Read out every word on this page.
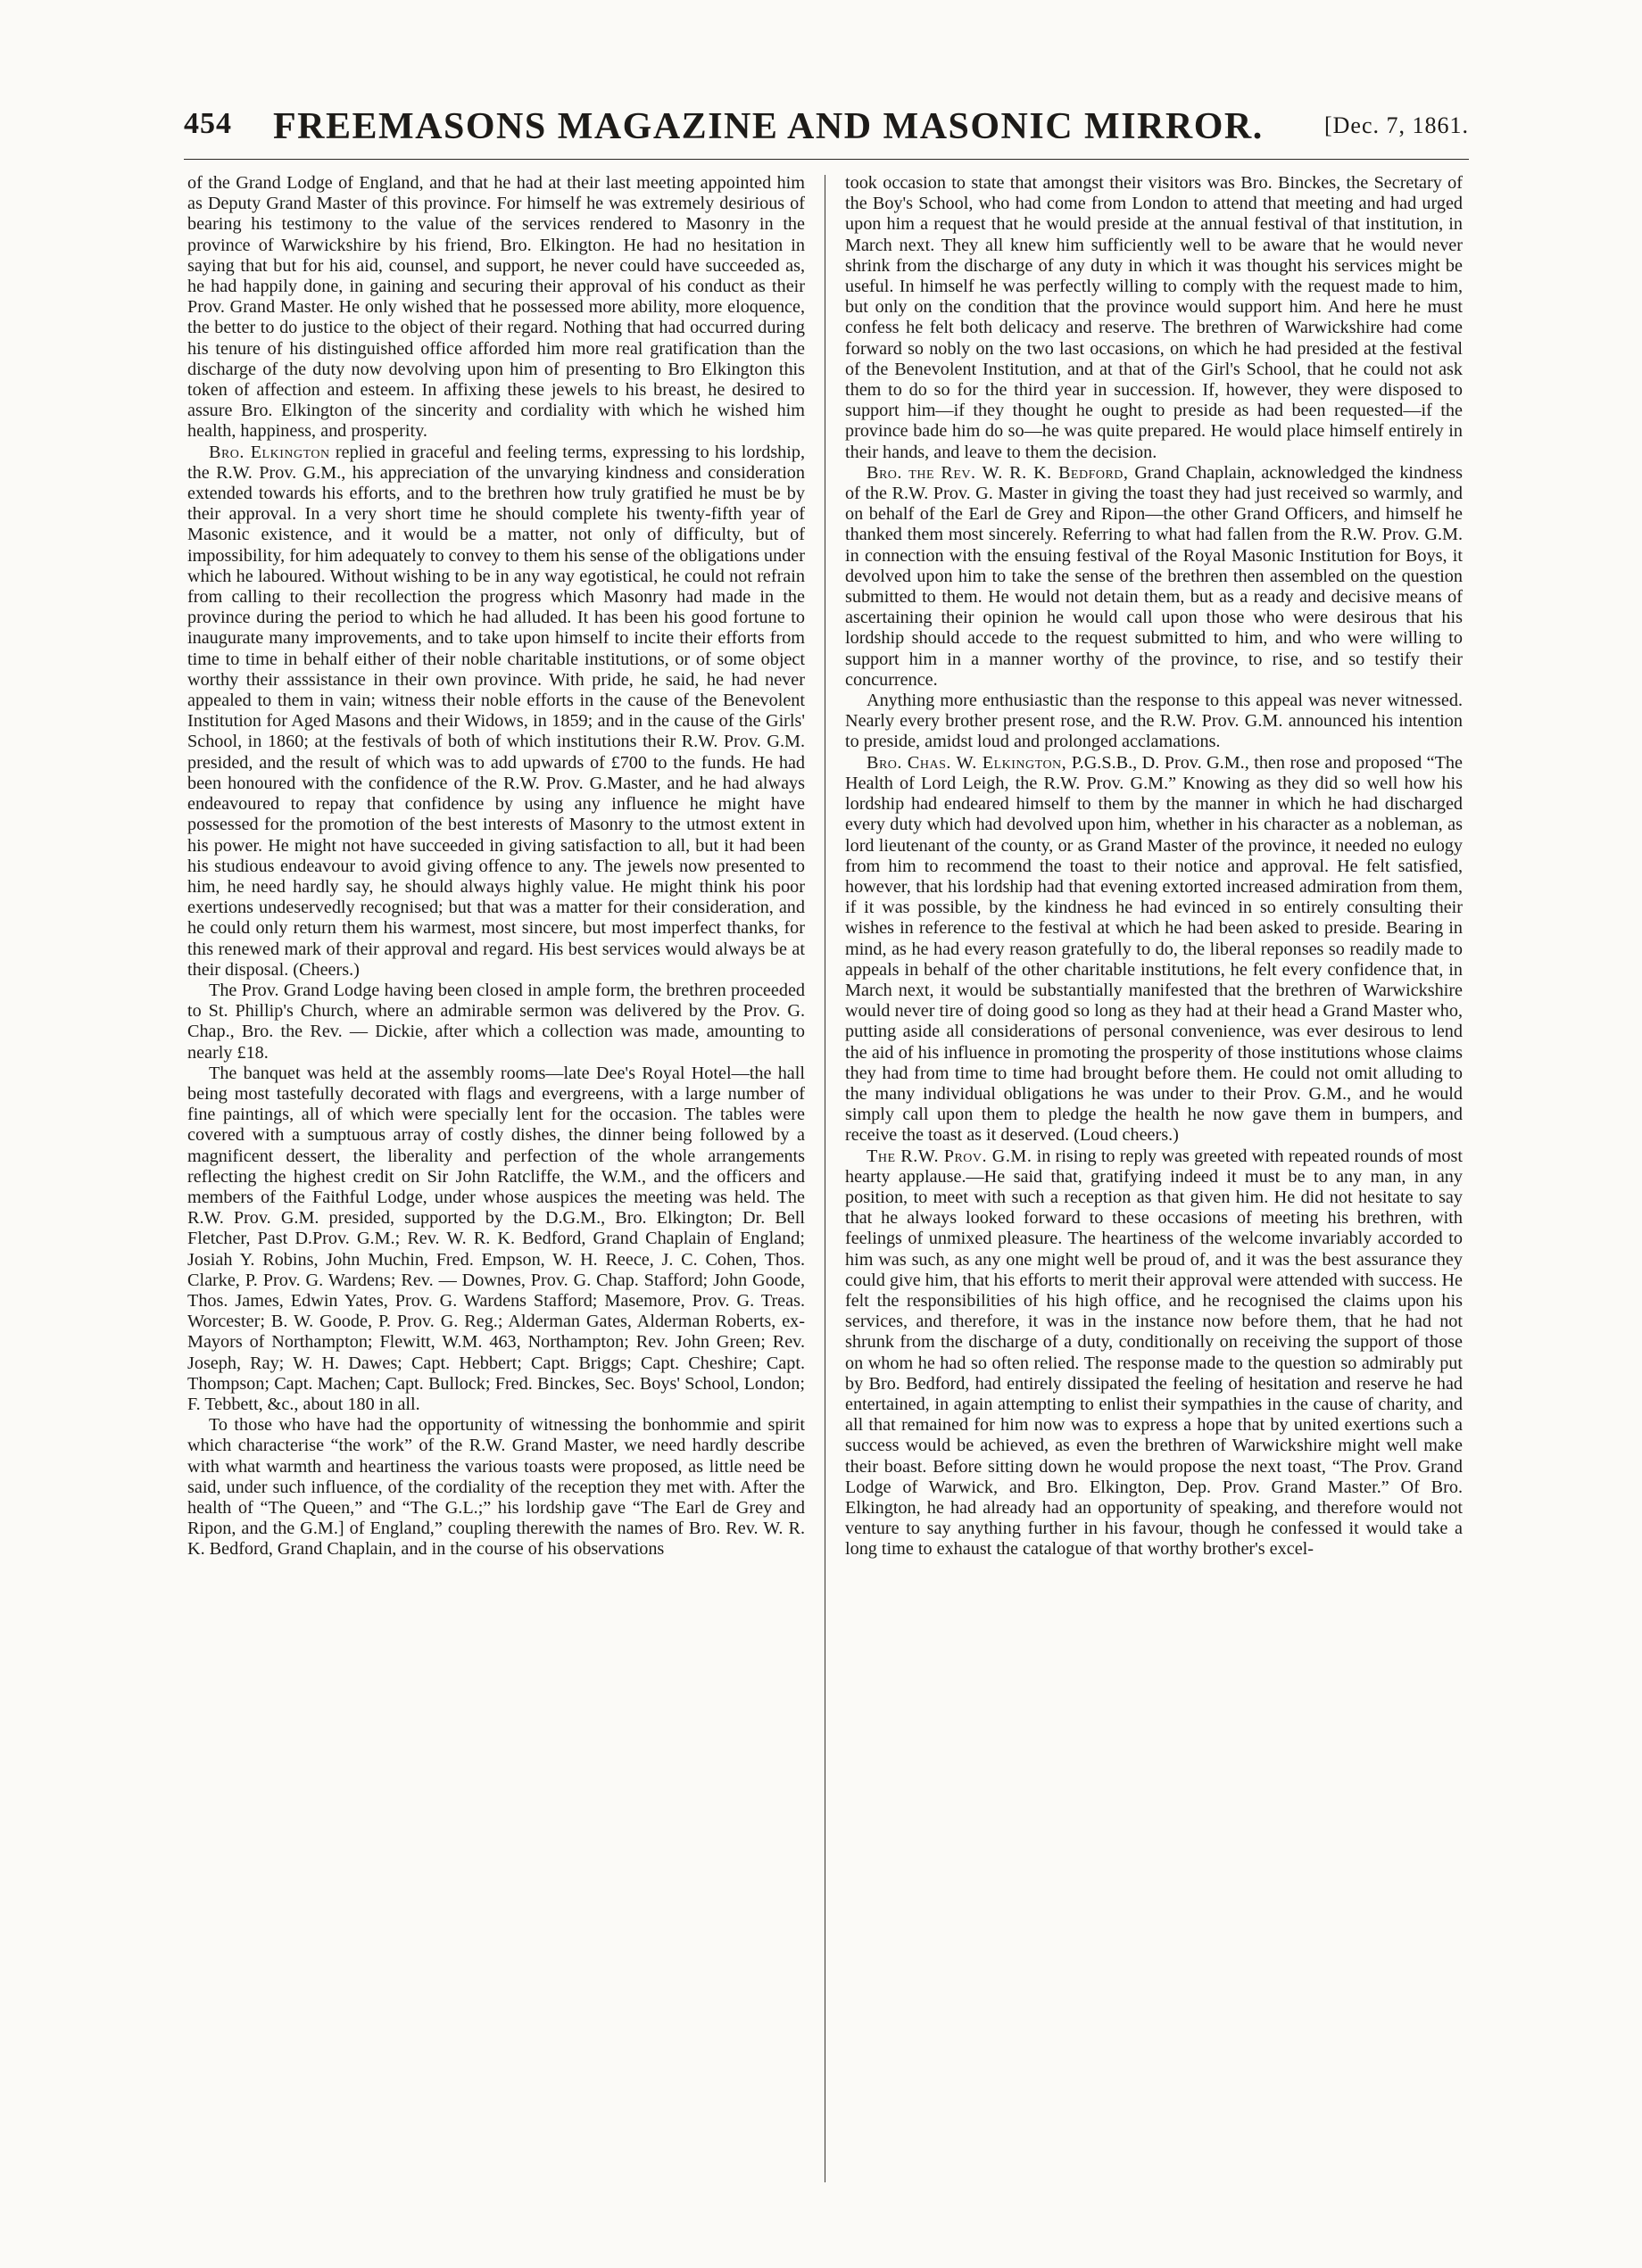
454 FREEMASONS MAGAZINE AND MASONIC MIRROR.	[Dec. 7, 1861.

of the Grand Lodge of England, and that he had at their last meeting appointed him as Deputy Grand Master of this province. For himself he was extremely desirious of bearing his testimony to the value of the services rendered to Masonry in the province of Warwickshire by his friend, Bro. Elkington. He had no hesitation in saying that but for his aid, counsel, and support, he never could have succeeded as, he had happily done, in gaining and securing their approval of his conduct as their Prov. Grand Master. He only wished that he possessed more ability, more eloquence, the better to do justice to the object of their regard. Nothing that had occurred during his tenure of his distinguished office afforded him more real gratification than the discharge of the duty now devolving upon him of presenting to Bro Elkington this token of affection and esteem. In affixing these jewels to his breast, he desired to assure Bro. Elkington of the sincerity and cordiality with which he wished him health, happiness, and prosperity.

Bro. Elkington replied in graceful and feeling terms, expressing to his lordship, the R.W. Prov. G.M., his appreciation of the unvarying kindness and consideration extended towards his efforts, and to the brethren how truly gratified he must be by their approval. In a very short time he should complete his twenty-fifth year of Masonic existence, and it would be a matter, not only of difficulty, but of impossibility, for him adequately to convey to them his sense of the obligations under which he laboured. Without wishing to be in any way egotistical, he could not refrain from calling to their recollection the progress which Masonry had made in the province during the period to which he had alluded. It has been his good fortune to inaugurate many improvements, and to take upon himself to incite their efforts from time to time in behalf either of their noble charitable institutions, or of some object worthy their asssistance in their own province. With pride, he said, he had never appealed to them in vain; witness their noble efforts in the cause of the Benevolent Institution for Aged Masons and their Widows, in 1859; and in the cause of the Girls' School, in 1860; at the festivals of both of which institutions their R.W. Prov. G.M. presided, and the result of which was to add upwards of £700 to the funds. He had been honoured with the confidence of the R.W. Prov. G.Master, and he had always endeavoured to repay that confidence by using any influence he might have possessed for the promotion of the best interests of Masonry to the utmost extent in his power. He might not have succeeded in giving satisfaction to all, but it had been his studious endeavour to avoid giving offence to any. The jewels now presented to him, he need hardly say, he should always highly value. He might think his poor exertions undeservedly recognised; but that was a matter for their consideration, and he could only return them his warmest, most sincere, but most imperfect thanks, for this renewed mark of their approval and regard. His best services would always be at their disposal. (Cheers.)

The Prov. Grand Lodge having been closed in ample form, the brethren proceeded to St. Phillip's Church, where an admirable sermon was delivered by the Prov. G. Chap., Bro. the Rev. — Dickie, after which a collection was made, amounting to nearly £18.

The banquet was held at the assembly rooms—late Dee's Royal Hotel—the hall being most tastefully decorated with flags and evergreens, with a large number of fine paintings, all of which were specially lent for the occasion. The tables were covered with a sumptuous array of costly dishes, the dinner being followed by a magnificent dessert, the liberality and perfection of the whole arrangements reflecting the highest credit on Sir John Ratcliffe, the W.M., and the officers and members of the Faithful Lodge, under whose auspices the meeting was held. The R.W. Prov. G.M. presided, supported by the D.G.M., Bro. Elkington; Dr. Bell Fletcher, Past D.Prov. G.M.; Rev. W. R. K. Bedford, Grand Chaplain of England; Josiah Y. Robins, John Muchin, Fred. Empson, W. H. Reece, J. C. Cohen, Thos. Clarke, P. Prov. G. Wardens; Rev. — Downes, Prov. G. Chap. Stafford; John Goode, Thos. James, Edwin Yates, Prov. G. Wardens Stafford; Masemore, Prov. G. Treas. Worcester; B. W. Goode, P. Prov. G. Reg.; Alderman Gates, Alderman Roberts, ex-Mayors of Northampton; Flewitt, W.M. 463, Northampton; Rev. John Green; Rev. Joseph, Ray; W. H. Dawes; Capt. Hebbert; Capt. Briggs; Capt. Cheshire; Capt. Thompson; Capt. Machen; Capt. Bullock; Fred. Binckes, Sec. Boys' School, London; F. Tebbett, &c., about 180 in all.

To those who have had the opportunity of witnessing the bonhommie and spirit which characterise “the work” of the R.W. Grand Master, we need hardly describe with what warmth and heartiness the various toasts were proposed, as little need be said, under such influence, of the cordiality of the reception they met with. After the health of “The Queen,” and “The G.L.;” his lordship gave “The Earl de Grey and Ripon, and the G.M.] of England,” coupling therewith the names of Bro. Rev. W. R. K. Bedford, Grand Chaplain, and in the course of his observations

took occasion to state that amongst their visitors was Bro. Binckes, the Secretary of the Boy's School, who had come from London to attend that meeting and had urged upon him a request that he would preside at the annual festival of that institution, in March next. They all knew him sufficiently well to be aware that he would never shrink from the discharge of any duty in which it was thought his services might be useful. In himself he was perfectly willing to comply with the request made to him, but only on the condition that the province would support him. And here he must confess he felt both delicacy and reserve. The brethren of Warwickshire had come forward so nobly on the two last occasions, on which he had presided at the festival of the Benevolent Institution, and at that of the Girl's School, that he could not ask them to do so for the third year in succession. If, however, they were disposed to support him—if they thought he ought to preside as had been requested—if the province bade him do so—he was quite prepared. He would place himself entirely in their hands, and leave to them the decision.

Bro. the Rev. W. R. K. Bedford, Grand Chaplain, acknowledged the kindness of the R.W. Prov. G. Master in giving the toast they had just received so warmly, and on behalf of the Earl de Grey and Ripon—the other Grand Officers, and himself he thanked them most sincerely. Referring to what had fallen from the R.W. Prov. G.M. in connection with the ensuing festival of the Royal Masonic Institution for Boys, it devolved upon him to take the sense of the brethren then assembled on the question submitted to them. He would not detain them, but as a ready and decisive means of ascertaining their opinion he would call upon those who were desirous that his lordship should accede to the request submitted to him, and who were willing to support him in a manner worthy of the province, to rise, and so testify their concurrence.

Anything more enthusiastic than the response to this appeal was never witnessed. Nearly every brother present rose, and the R.W. Prov. G.M. announced his intention to preside, amidst loud and prolonged acclamations.

Bro. Chas. W. Elkington, P.G.S.B., D. Prov. G.M., then rose and proposed “The Health of Lord Leigh, the R.W. Prov. G.M.” Knowing as they did so well how his lordship had endeared himself to them by the manner in which he had discharged every duty which had devolved upon him, whether in his character as a nobleman, as lord lieutenant of the county, or as Grand Master of the province, it needed no eulogy from him to recommend the toast to their notice and approval. He felt satisfied, however, that his lordship had that evening extorted increased admiration from them, if it was possible, by the kindness he had evinced in so entirely consulting their wishes in reference to the festival at which he had been asked to preside. Bearing in mind, as he had every reason gratefully to do, the liberal reponses so readily made to appeals in behalf of the other charitable institutions, he felt every confidence that, in March next, it would be substantially manifested that the brethren of Warwickshire would never tire of doing good so long as they had at their head a Grand Master who, putting aside all considerations of personal convenience, was ever desirous to lend the aid of his influence in promoting the prosperity of those institutions whose claims they had from time to time had brought before them. He could not omit alluding to the many individual obligations he was under to their Prov. G.M., and he would simply call upon them to pledge the health he now gave them in bumpers, and receive the toast as it deserved. (Loud cheers.)

The R.W. Prov. G.M. in rising to reply was greeted with repeated rounds of most hearty applause.—He said that, gratifying indeed it must be to any man, in any position, to meet with such a reception as that given him. He did not hesitate to say that he always looked forward to these occasions of meeting his brethren, with feelings of unmixed pleasure. The heartiness of the welcome invariably accorded to him was such, as any one might well be proud of, and it was the best assurance they could give him, that his efforts to merit their approval were attended with success. He felt the responsibilities of his high office, and he recognised the claims upon his services, and therefore, it was in the instance now before them, that he had not shrunk from the discharge of a duty, conditionally on receiving the support of those on whom he had so often relied. The response made to the question so admirably put by Bro. Bedford, had entirely dissipated the feeling of hesitation and reserve he had entertained, in again attempting to enlist their sympathies in the cause of charity, and all that remained for him now was to express a hope that by united exertions such a success would be achieved, as even the brethren of Warwickshire might well make their boast. Before sitting down he would propose the next toast, “The Prov. Grand Lodge of Warwick, and Bro. Elkington, Dep. Prov. Grand Master.” Of Bro. Elkington, he had already had an opportunity of speaking, and therefore would not venture to say anything further in his favour, though he confessed it would take a long time to exhaust the catalogue of that worthy brother's excel-
